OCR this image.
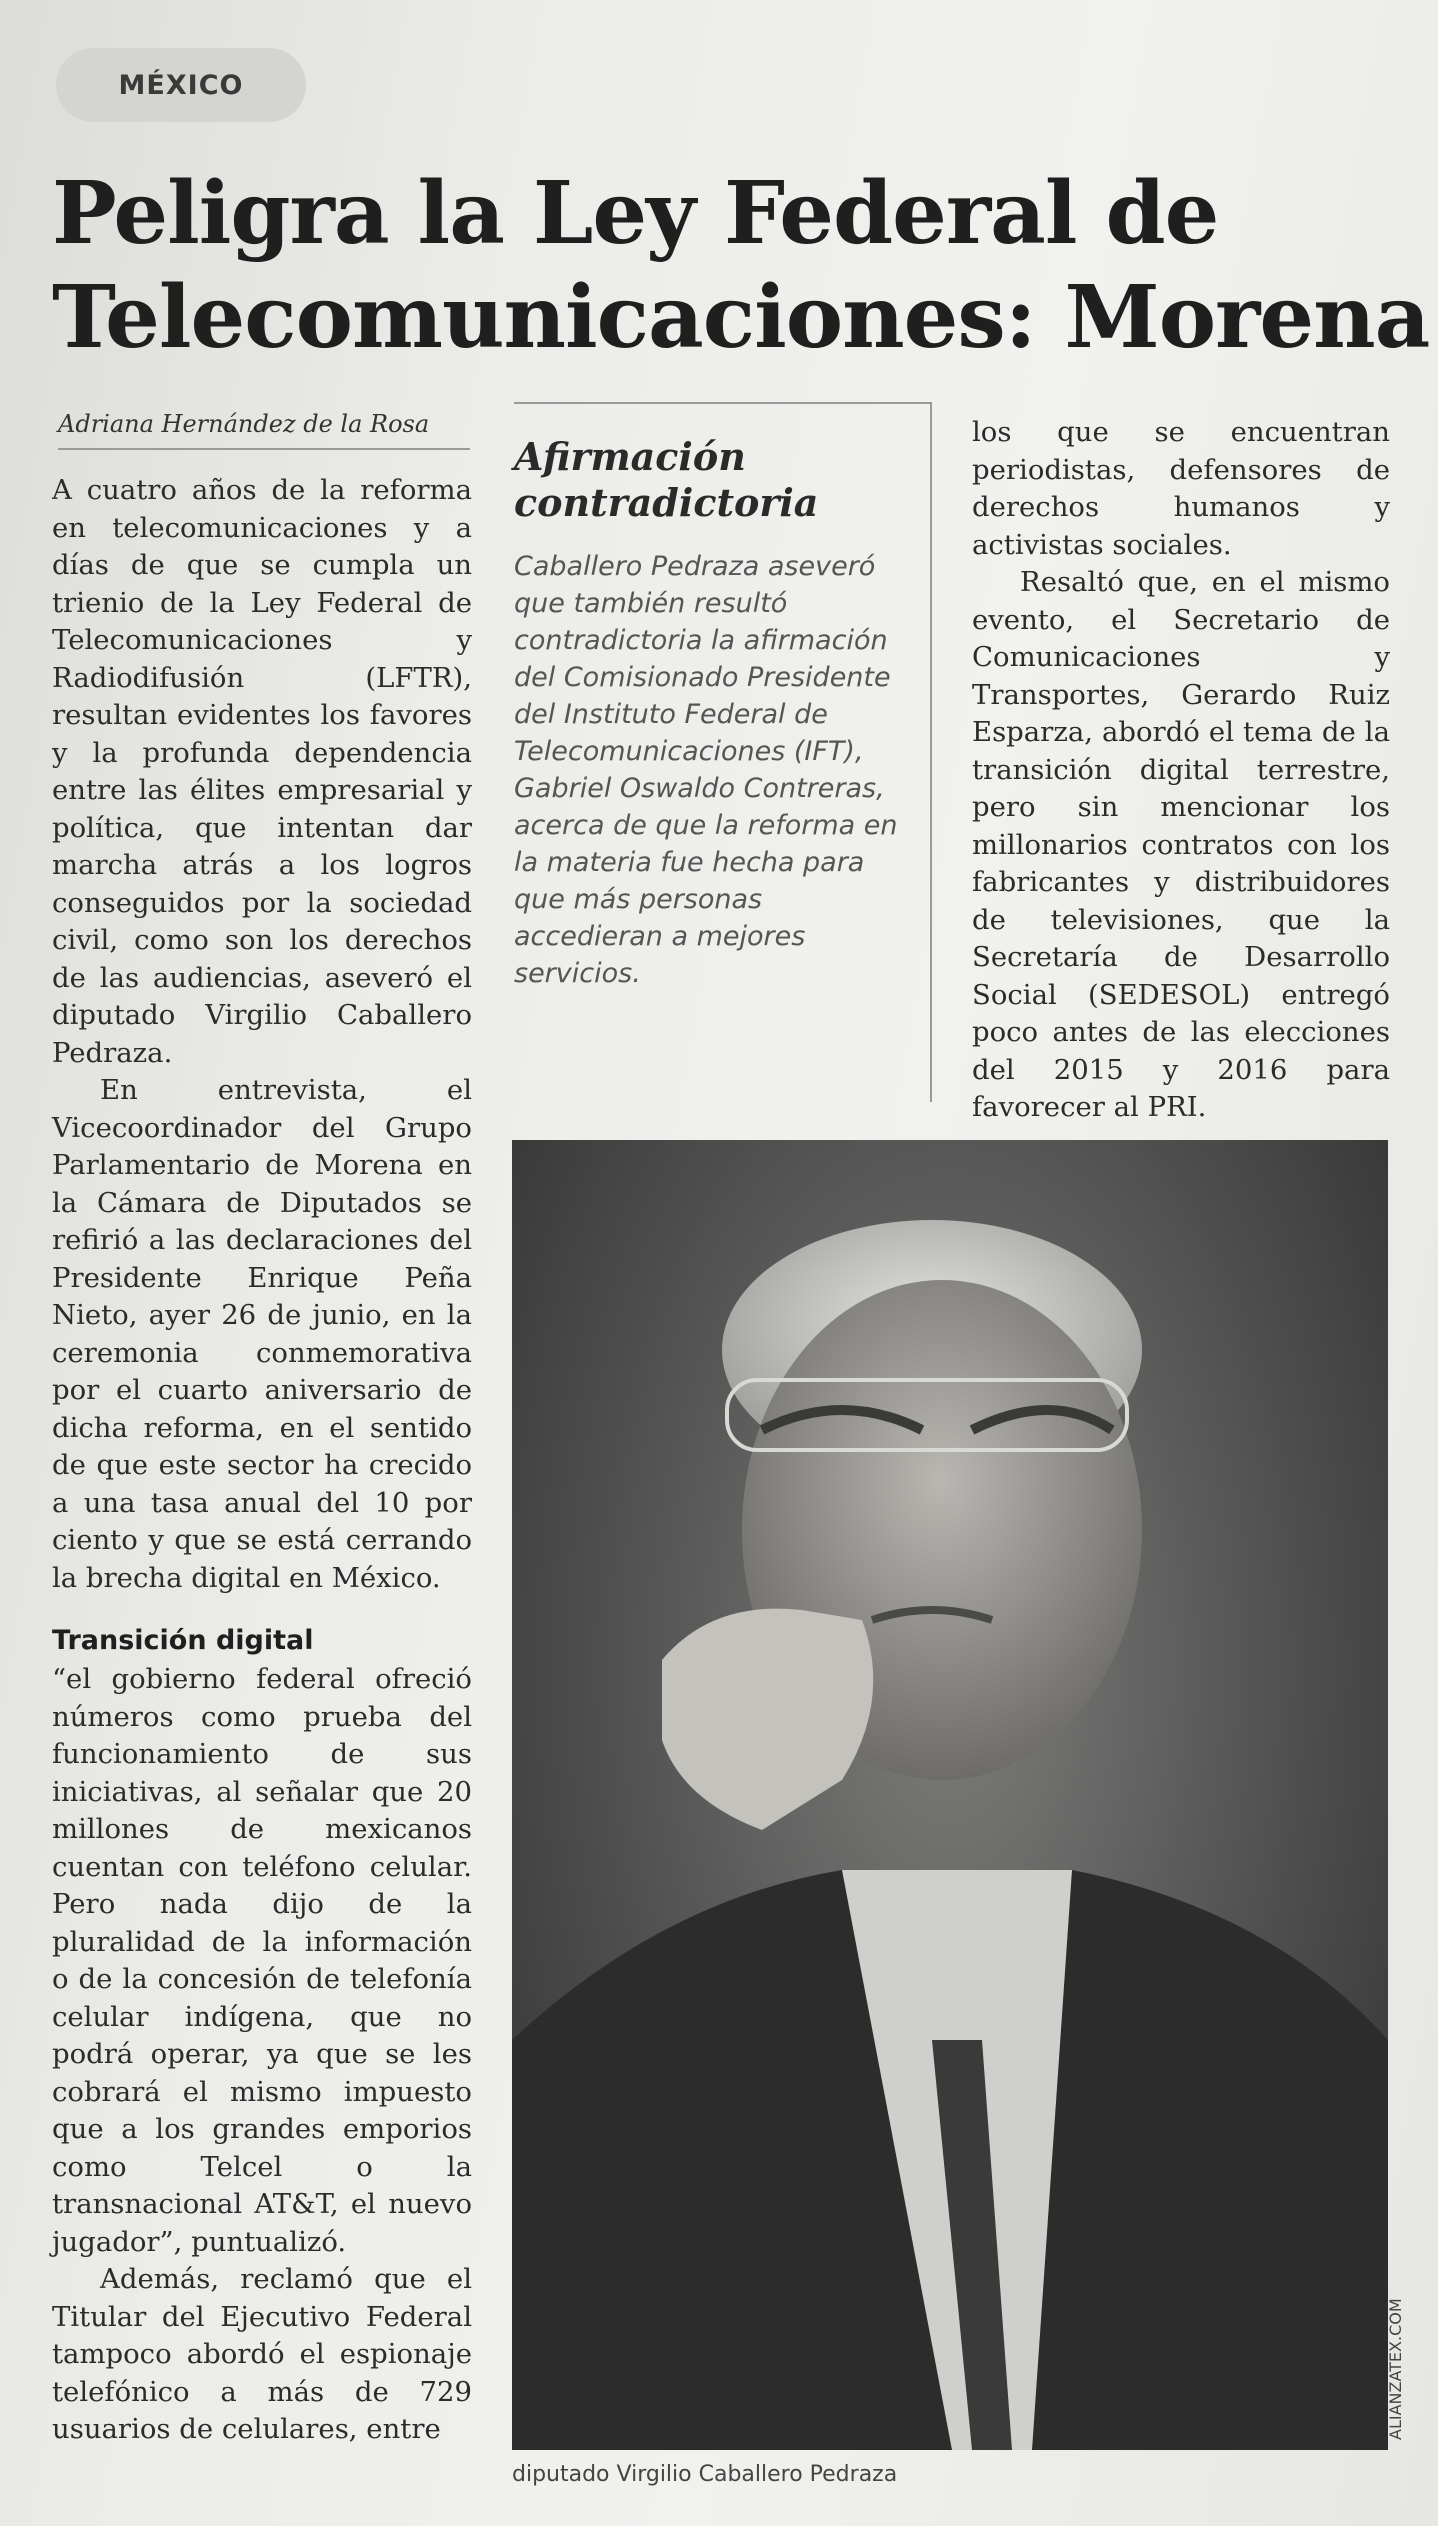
MÉXICO
Peligra la Ley Federal de
Telecomunicaciones: Morena
Adriana Hernández de la Rosa

A cuatro años de la reforma en telecomunicaciones y a días de que se cumpla un trienio de la Ley Federal de Telecomunicaciones y Radiodifusión (LFTR), resultan evidentes los favores y la profunda dependencia entre las élites empresarial y política, que intentan dar marcha atrás a los logros conseguidos por la sociedad civil, como son los derechos de las audiencias, aseveró el diputado Virgilio Caballero Pedraza.

En entrevista, el Vicecoordinador del Grupo Parlamentario de Morena en la Cámara de Diputados se refirió a las declaraciones del Presidente Enrique Peña Nieto, ayer 26 de junio, en la ceremonia conmemorativa por el cuarto aniversario de dicha reforma, en el sentido de que este sector ha crecido a una tasa anual del 10 por ciento y que se está cerrando la brecha digital en México.

Transición digital

“el gobierno federal ofreció números como prueba del funcionamiento de sus iniciativas, al señalar que 20 millones de mexicanos cuentan con teléfono celular. Pero nada dijo de la pluralidad de la información o de la concesión de telefonía celular indígena, que no podrá operar, ya que se les cobrará el mismo impuesto que a los grandes emporios como Telcel o la transnacional AT&T, el nuevo jugador”, puntualizó.

Además, reclamó que el Titular del Ejecutivo Federal tampoco abordó el espionaje telefónico a más de 729 usuarios de celulares, entre

Afirmación contradictoria

Caballero Pedraza aseveró que también resultó contradictoria la afirmación del Comisionado Presidente del Instituto Federal de Telecomunicaciones (IFT), Gabriel Oswaldo Contreras, acerca de que la reforma en la materia fue hecha para que más personas accedieran a mejores servicios.

los que se encuentran periodistas, defensores de derechos humanos y activistas sociales.

Resaltó que, en el mismo evento, el Secretario de Comunicaciones y Transportes, Gerardo Ruiz Esparza, abordó el tema de la transición digital terrestre, pero sin mencionar los millonarios contratos con los fabricantes y distribuidores de televisiones, que la Secretaría de Desarrollo Social (SEDESOL) entregó poco antes de las elecciones del 2015 y 2016 para favorecer al PRI.

ALIANZATEX.COM
diputado Virgilio Caballero Pedraza
